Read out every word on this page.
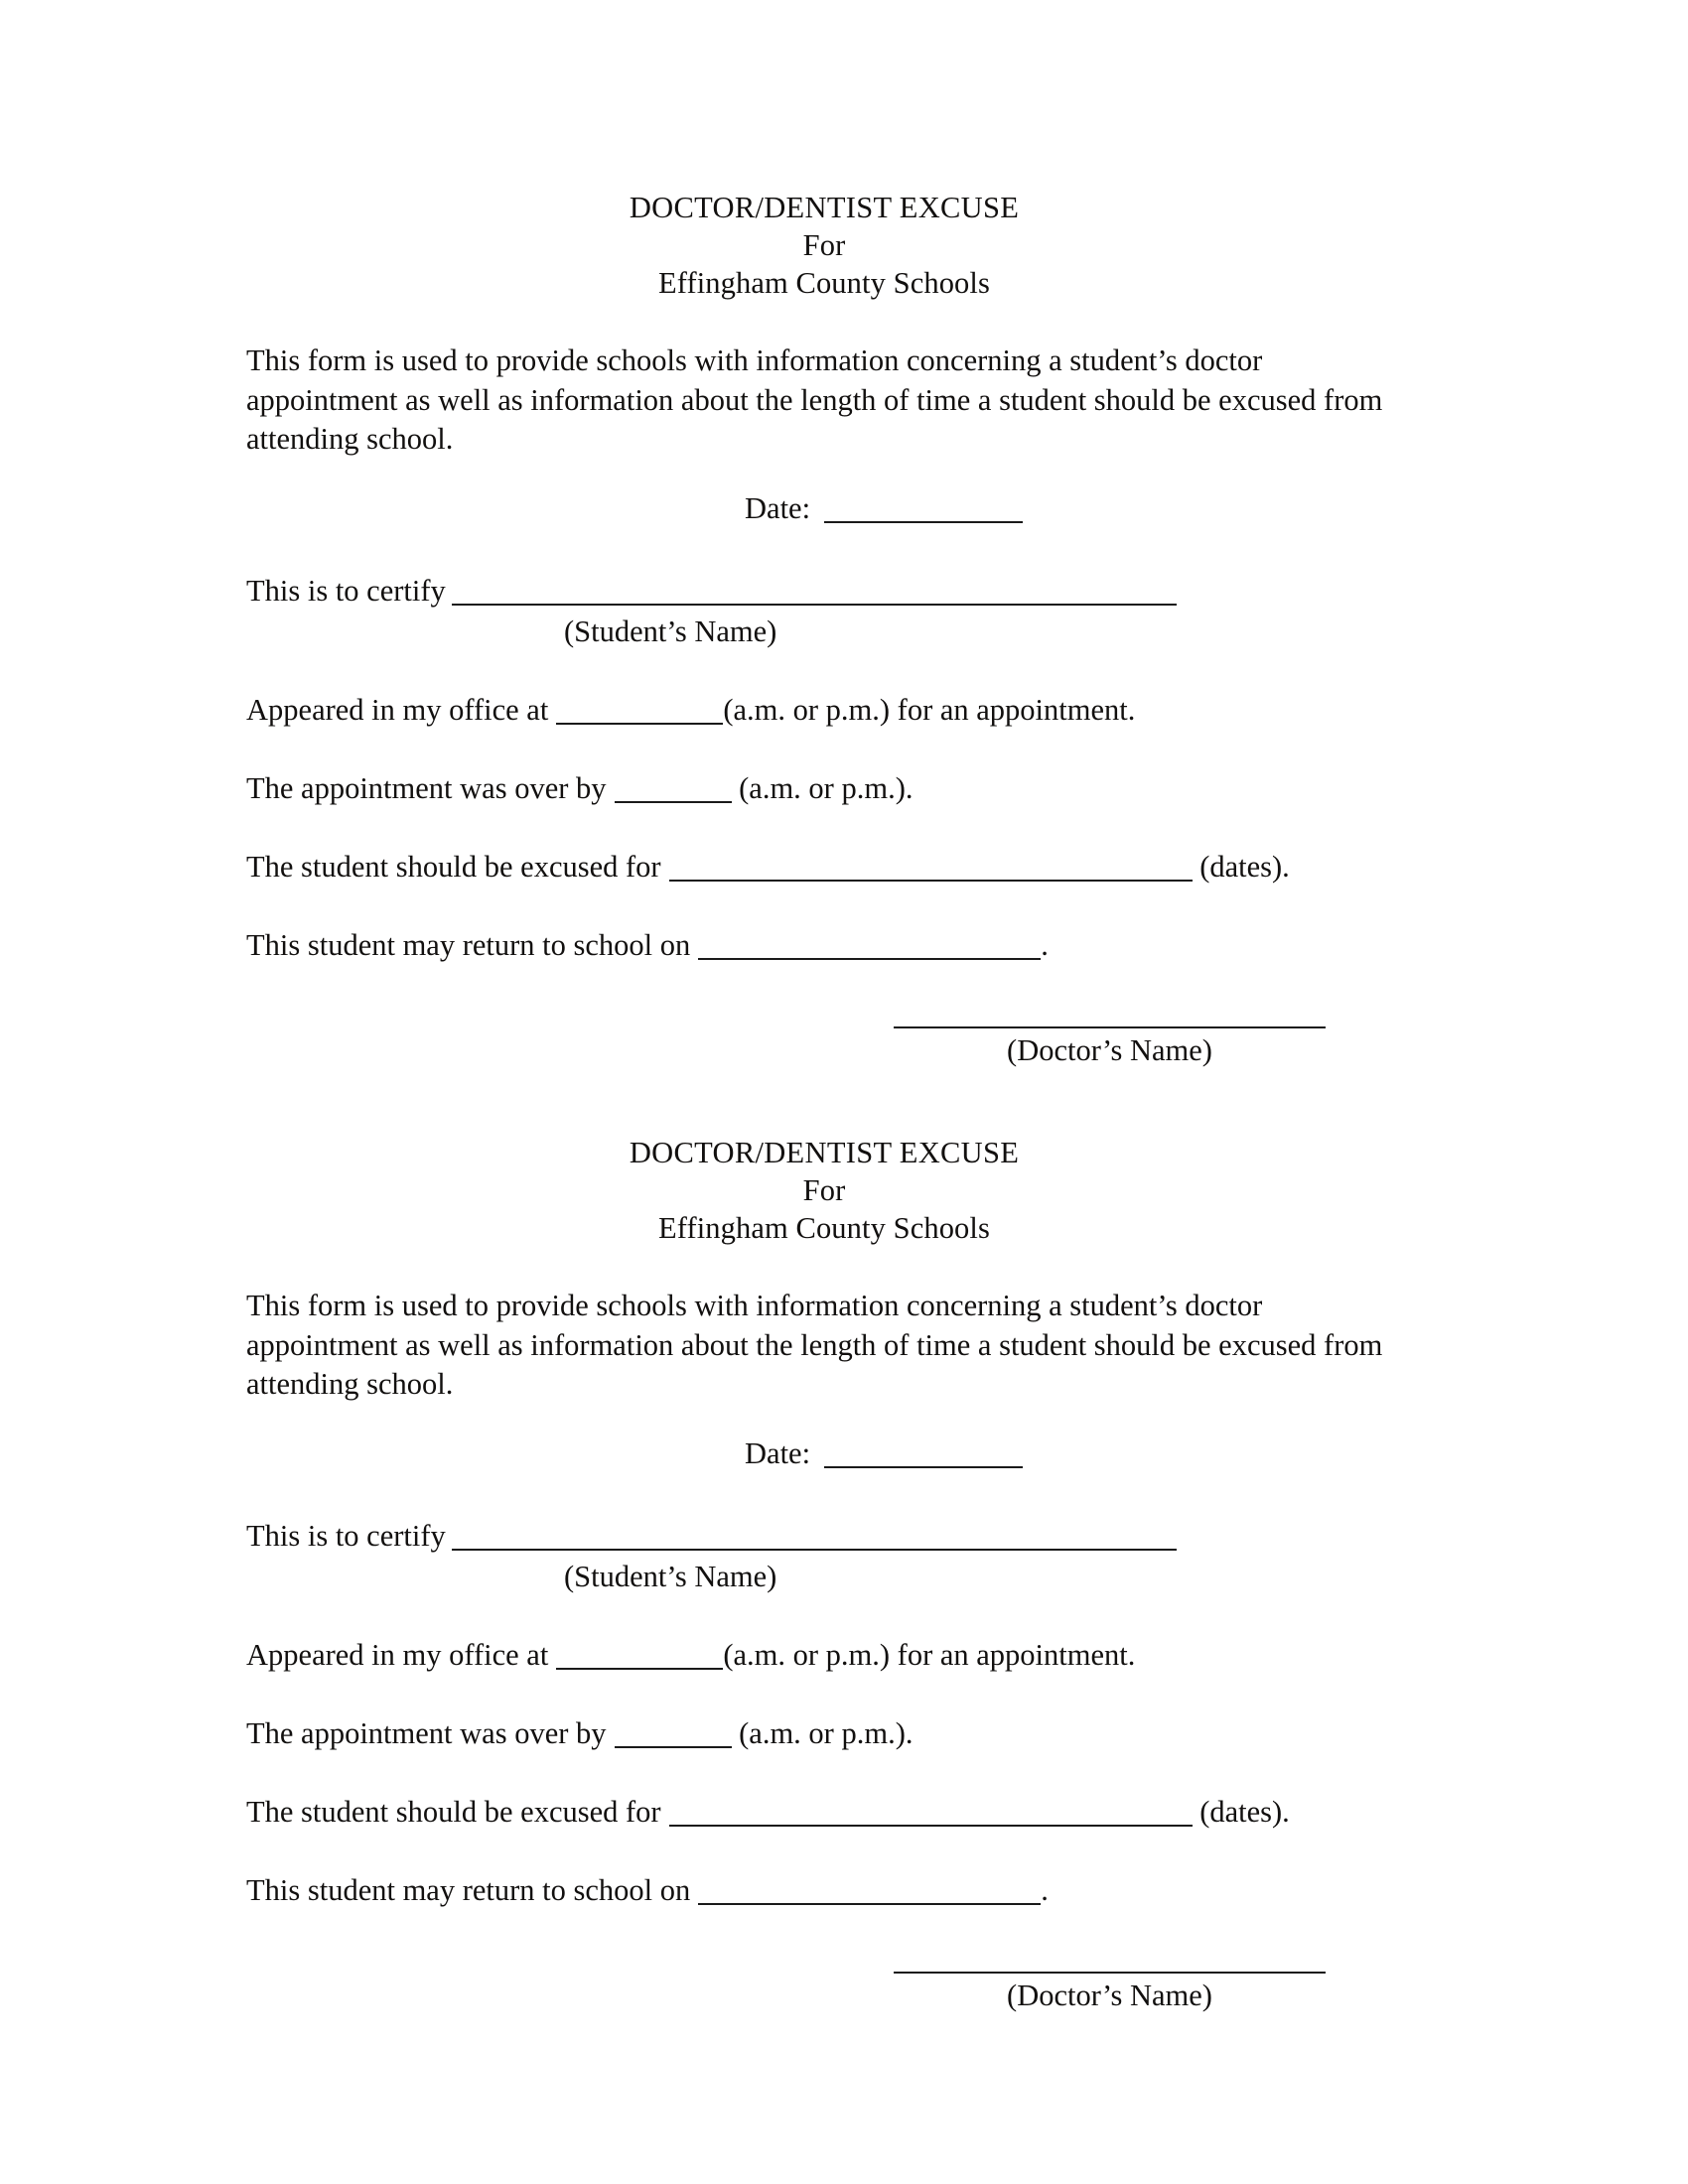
DOCTOR/DENTIST EXCUSE
For
Effingham County Schools

This form is used to provide schools with information concerning a student’s doctor appointment as well as information about the length of time a student should be excused from attending school.

Date:
This is to certify
(Student’s Name)
Appeared in my office at	(a.m. or p.m.) for an appointment.
The appointment was over by	(a.m. or p.m.).
The student should be excused for	(dates).
This student may return to school on	.
(Doctor’s Name)
DOCTOR/DENTIST EXCUSE
For
Effingham County Schools

This form is used to provide schools with information concerning a student’s doctor appointment as well as information about the length of time a student should be excused from attending school.

Date:
This is to certify
(Student’s Name)
Appeared in my office at	(a.m. or p.m.) for an appointment.
The appointment was over by	(a.m. or p.m.).
The student should be excused for	(dates).
This student may return to school on	.
(Doctor’s Name)
